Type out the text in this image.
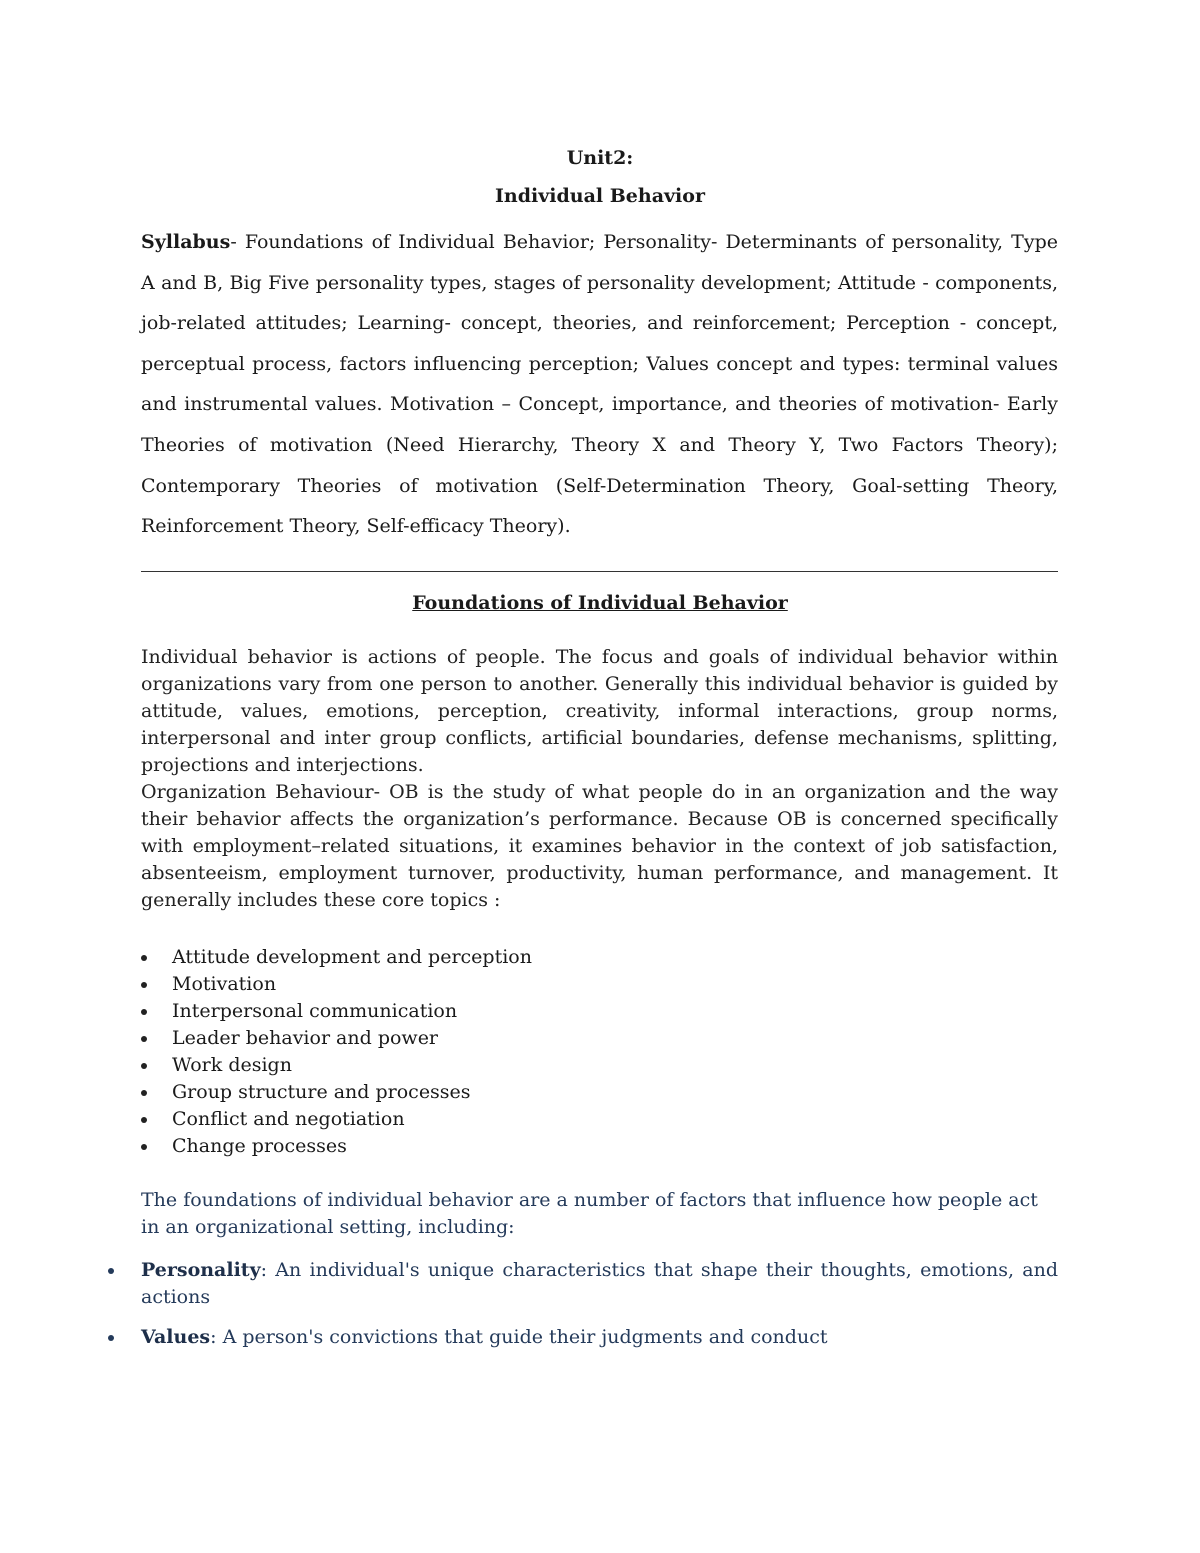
Unit2:
Individual Behavior
Syllabus- Foundations of Individual Behavior; Personality- Determinants of personality, Type A and B, Big Five personality types, stages of personality development; Attitude - components, job-related attitudes; Learning- concept, theories, and reinforcement; Perception - concept, perceptual process, factors influencing perception; Values concept and types: terminal values and instrumental values. Motivation – Concept, importance, and theories of motivation- Early Theories of motivation (Need Hierarchy, Theory X and Theory Y, Two Factors Theory); Contemporary Theories of motivation (Self-Determination Theory, Goal-setting Theory, Reinforcement Theory, Self-efficacy Theory).
Foundations of Individual Behavior

Individual behavior is actions of people. The focus and goals of individual behavior within organizations vary from one person to another. Generally this individual behavior is guided by attitude, values, emotions, perception, creativity, informal interactions, group norms, interpersonal and inter group conflicts, artificial boundaries, defense mechanisms, splitting, projections and interjections.

Organization Behaviour- OB is the study of what people do in an organization and the way their behavior affects the organization’s performance. Because OB is concerned specifically with employment–related situations, it examines behavior in the context of job satisfaction, absenteeism, employment turnover, productivity, human performance, and management. It generally includes these core topics :

Attitude development and perception
Motivation
Interpersonal communication
Leader behavior and power
Work design
Group structure and processes
Conflict and negotiation
Change processes

The foundations of individual behavior are a number of factors that influence how people act in an organizational setting, including:

Personality: An individual's unique characteristics that shape their thoughts, emotions, and actions
Values: A person's convictions that guide their judgments and conduct
